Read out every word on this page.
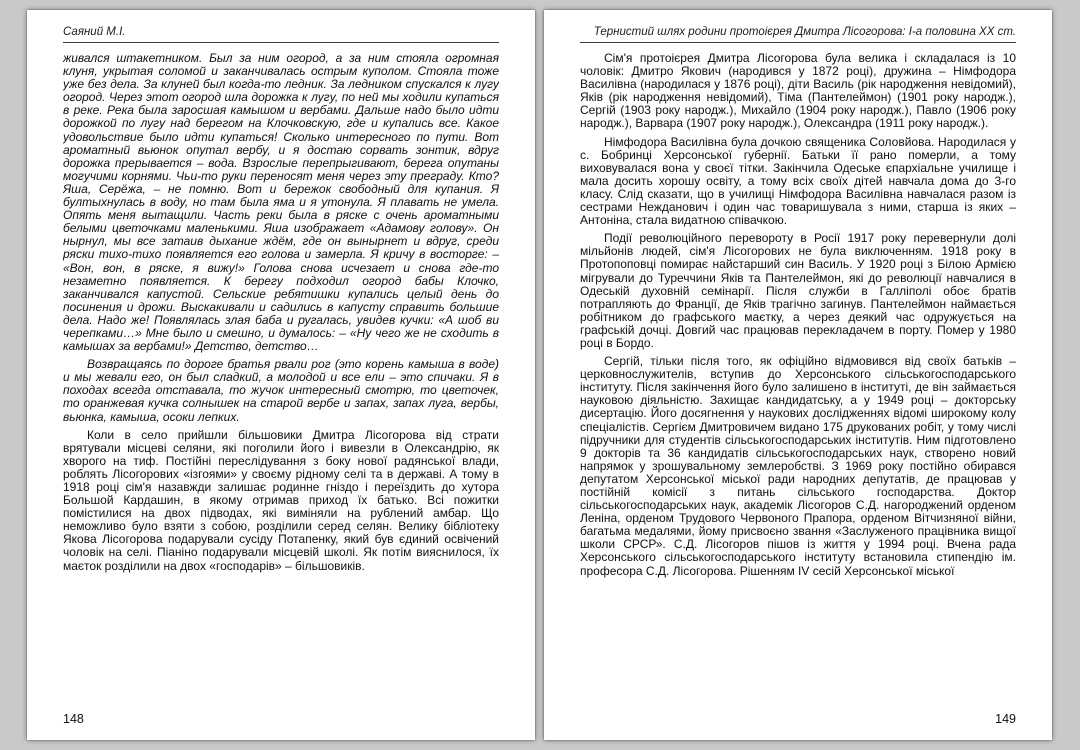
Саяний М.І.

живался штакетником. Был за ним огород, а за ним стояла огромная клуня, укрытая соломой и заканчивалась острым куполом. Стояла тоже уже без дела. За клуней был когда-то ледник. За ледником спускался к лугу огород. Через этот огород шла дорожка к лугу, по ней мы ходили купаться в реке. Река была заросшая камышом и вербами. Дальше надо было идти дорожкой по лугу над берегом на Клочковскую, где и купались все. Какое удовольствие было идти купаться! Сколько интересного по пути. Вот ароматный вьюнок опутал вербу, и я достаю сорвать зонтик, вдруг дорожка прерывается – вода. Взрослые перепрыгивают, берега опутаны могучими корнями. Чьи-то руки переносят меня через эту преграду. Кто? Яша, Серёжа, – не помню. Вот и бережок свободный для купания. Я бултыхнулась в воду, но там была яма и я утонула. Я плавать не умела. Опять меня вытащили. Часть реки была в ряске с очень ароматными белыми цветочками маленькими. Яша изображает «Адамову голову». Он нырнул, мы все затаив дыхание ждём, где он вынырнет и вдруг, среди ряски тихо-тихо появляется его голова и замерла. Я кричу в восторге: – «Вон, вон, в ряске, я вижу!» Голова снова исчезает и снова где-то незаметно появляется. К берегу подходил огород бабы Клочко, заканчивался капустой. Сельские ребятишки купались целый день до посинения и дрожи. Выскакивали и садились в капусту справить большие дела. Надо же! Появлялась злая баба и ругалась, увидев кучки: «А шоб ви черепками…» Мне было и смешно, и думалось: – «Ну чего же не сходить в камышах за вербами!» Детство, детство…

Возвращаясь по дороге братья рвали рог (это корень камыша в воде) и мы жевали его, он был сладкий, а молодой и все ели – это спичаки. Я в походах всегда отставала, то жучок интересный смотрю, то цветочек, то оранжевая кучка солнышек на старой вербе и запах, запах луга, вербы, вьюнка, камыша, осоки лепких.

Коли в село прийшли більшовики Дмитра Лісогорова від страти врятували місцеві селяни, які поголили його і вивезли в Олександрію, як хворого на тиф. Постійні переслідування з боку нової радянської влади, роблять Лісогорових «ізгоями» у своєму рідному селі та в державі. А тому в 1918 році сім'я назавжди залишає родинне гніздо і переїздить до хутора Большой Кардашин, в якому отримав приход їх батько. Всі пожитки помістилися на двох підводах, які виміняли на рублений амбар. Що неможливо було взяти з собою, розділили серед селян. Велику бібліотеку Якова Лісогорова подарували сусіду Потапенку, який був єдиний освічений чоловік на селі. Піаніно подарували місцевій школі. Як потім вияснилося, їх маєток розділили на двох «господарів» – більшовиків.

148
Тернистий шлях родини протоієрея Дмитра Лісогорова: І-а половина ХХ ст.

Сім'я протоієрея Дмитра Лісогорова була велика і складалася із 10 чоловік: Дмитро Якович (народився у 1872 році), дружина – Німфодора Василівна (народилася у 1876 році), діти Василь (рік народження невідомий), Яків (рік народження невідомий), Тіма (Пантелеймон) (1901 року народж.), Сергій (1903 року народж.), Михайло (1904 року народж.), Павло (1906 року народж.), Варвара (1907 року народж.), Олександра (1911 року народж.).

Німфодора Василівна була дочкою священика Соловйова. Народилася у с. Бобринці Херсонської губернії. Батьки її рано померли, а тому виховувалася вона у своєї тітки. Закінчила Одеське єпархіальне училище і мала досить хорошу освіту, а тому всіх своїх дітей навчала дома до 3-го класу. Слід сказати, що в училищі Німфодора Василівна навчалася разом із сестрами Нежданович і один час товаришувала з ними, старша із яких – Антоніна, стала видатною співачкою.

Події революційного перевороту в Росії 1917 року перевернули долі мільйонів людей, сім'я Лісогорових не була виключенням. 1918 року в Протопоповці помирає найстарший син Василь. У 1920 році з Білою Армією мігрували до Туреччини Яків та Пантелеймон, які до революції навчалися в Одеській духовній семінарії. Після служби в Галліполі обоє братів потрапляють до Франції, де Яків трагічно загинув. Пантелеймон наймається робітником до графського маєтку, а через деякий час одружується на графській дочці. Довгий час працював перекладачем в порту. Помер у 1980 році в Бордо.

Сергій, тільки після того, як офіційно відмовився від своїх батьків – церковнослужителів, вступив до Херсонського сільськогосподарського інституту. Після закінчення його було залишено в інституті, де він займається науковою діяльністю. Захищає кандидатську, а у 1949 році – докторську дисертацію. Його досягнення у наукових дослідженнях відомі широкому колу спеціалістів. Сергієм Дмитровичем видано 175 друкованих робіт, у тому числі підручники для студентів сільськогосподарських інститутів. Ним підготовлено 9 докторів та 36 кандидатів сільськогосподарських наук, створено новий напрямок у зрошувальному землеробстві. З 1969 року постійно обирався депутатом Херсонської міської ради народних депутатів, де працював у постійній комісії з питань сільського господарства. Доктор сільськогосподарських наук, академік Лісогоров С.Д. нагороджений орденом Леніна, орденом Трудового Червоного Прапора, орденом Вітчизняної війни, багатьма медалями, йому присвоєно звання «Заслуженого працівника вищої школи СРСР». С.Д. Лісогоров пішов із життя у 1994 році. Вчена рада Херсонського сільськогосподарського інституту встановила стипендію ім. професора С.Д. Лісогорова. Рішенням IV сесій Херсонської міської

149
